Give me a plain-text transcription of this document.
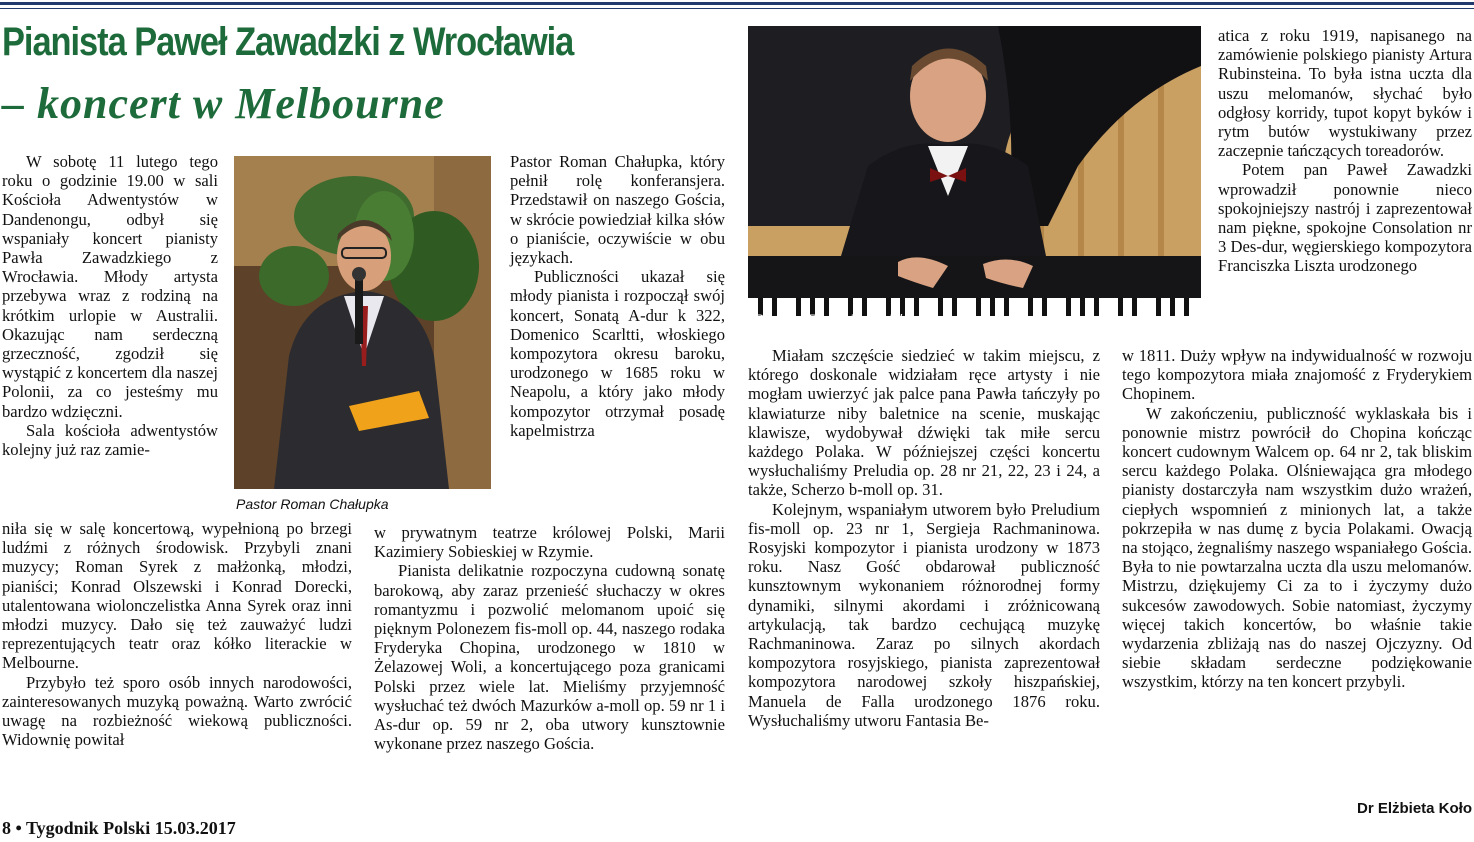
Pianista Paweł Zawadzki z Wrocławia
– koncert w Melbourne
Pastor Roman Chałupka
Pianista Paweł Zawadzki

W sobotę 11 lutego tego roku o godzinie 19.00 w sali Kościoła Adwentystów w Dandenongu, odbył się wspaniały koncert pianisty Pawła Zawadzkiego z Wrocławia. Młody artysta przebywa wraz z rodziną na krótkim urlopie w Australii. Okazując nam serdeczną grzeczność, zgodził się wystąpić z koncertem dla naszej Polonii, za co jesteśmy mu bardzo wdzięczni.

Sala kościoła adwentystów kolejny już raz zamie-

niła się w salę koncertową, wypełnioną po brzegi ludźmi z różnych środowisk. Przybyli znani muzycy; Roman Syrek z małżonką, młodzi, pianiści; Konrad Olszewski i Konrad Dorecki, utalentowana wiolonczelistka Anna Syrek oraz inni młodzi muzycy. Dało się też zauważyć ludzi reprezentujących teatr oraz kółko literackie w Melbourne.

Przybyło też sporo osób innych narodowości, zainteresowanych muzyką poważną. Warto zwrócić uwagę na rozbieżność wiekową publiczności. Widownię powitał

Pastor Roman Chałupka, który pełnił rolę konferansjera. Przedstawił on naszego Gościa, w skrócie powiedział kilka słów o pianiście, oczywiście w obu językach.

Publiczności ukazał się młody pianista i rozpoczął swój koncert, Sonatą A-dur k 322, Domenico Scarltti, włoskiego kompozytora okresu baroku, urodzonego w 1685 roku w Neapolu, a który jako młody kompozytor otrzymał posadę kapelmistrza

w prywatnym teatrze królowej Polski, Marii Kazimiery Sobieskiej w Rzymie.

Pianista delikatnie rozpoczyna cudowną sonatę barokową, aby zaraz przenieść słuchaczy w okres romantyzmu i pozwolić melomanom upoić się pięknym Polonezem fis-moll op. 44, naszego rodaka Fryderyka Chopina, urodzonego w 1810 w Żelazowej Woli, a koncertującego poza granicami Polski przez wiele lat. Mieliśmy przyjemność wysłuchać też dwóch Mazurków a-moll op. 59 nr 1 i As-dur op. 59 nr 2, oba utwory kunsztownie wykonane przez naszego Gościa.

Miałam szczęście siedzieć w takim miejscu, z którego doskonale widziałam ręce artysty i nie mogłam uwierzyć jak palce pana Pawła tańczyły po klawiaturze niby baletnice na scenie, muskając klawisze, wydobywał dźwięki tak miłe sercu każdego Polaka. W późniejszej części koncertu wysłuchaliśmy Preludia op. 28 nr 21, 22, 23 i 24, a także, Scherzo b-moll op. 31.

Kolejnym, wspaniałym utworem było Preludium fis-moll op. 23 nr 1, Sergieja Rachmaninowa. Rosyjski kompozytor i pianista urodzony w 1873 roku. Nasz Gość obdarował publiczność kunsztownym wykonaniem różnorodnej formy dynamiki, silnymi akordami i zróżnicowaną artykulacją, tak bardzo cechującą muzykę Rachmaninowa. Zaraz po silnych akordach kompozytora rosyjskiego, pianista zaprezentował kompozytora narodowej szkoły hiszpańskiej, Manuela de Falla urodzonego 1876 roku. Wysłuchaliśmy utworu Fantasia Be-

atica z roku 1919, napisanego na zamówienie polskiego pianisty Artura Rubinsteina. To była istna uczta dla uszu melomanów, słychać było odgłosy korridy, tupot kopyt byków i rytm butów wystukiwany przez zaczepnie tańczących toreadorów.

Potem pan Paweł Zawadzki wprowadził ponownie nieco spokojniejszy nastrój i zaprezentował nam piękne, spokojne Consolation nr 3 Des-dur, węgierskiego kompozytora Franciszka Liszta urodzonego

w 1811. Duży wpływ na indywidualność w rozwoju tego kompozytora miała znajomość z Fryderykiem Chopinem.

W zakończeniu, publiczność wyklaskała bis i ponownie mistrz powrócił do Chopina kończąc koncert cudownym Walcem op. 64 nr 2, tak bliskim sercu każdego Polaka. Olśniewająca gra młodego pianisty dostarczyła nam wszystkim dużo wrażeń, ciepłych wspomnień z minionych lat, a także pokrzepiła w nas dumę z bycia Polakami. Owacją na stojąco, żegnaliśmy naszego wspaniałego Gościa. Była to nie powtarzalna uczta dla uszu melomanów. Mistrzu, dziękujemy Ci za to i życzymy dużo sukcesów zawodowych. Sobie natomiast, życzymy więcej takich koncertów, bo właśnie takie wydarzenia zbliżają nas do naszej Ojczyzny. Od siebie składam serdeczne podziękowanie wszystkim, którzy na ten koncert przybyli.

Dr Elżbieta Koło
8 • Tygodnik Polski 15.03.2017
